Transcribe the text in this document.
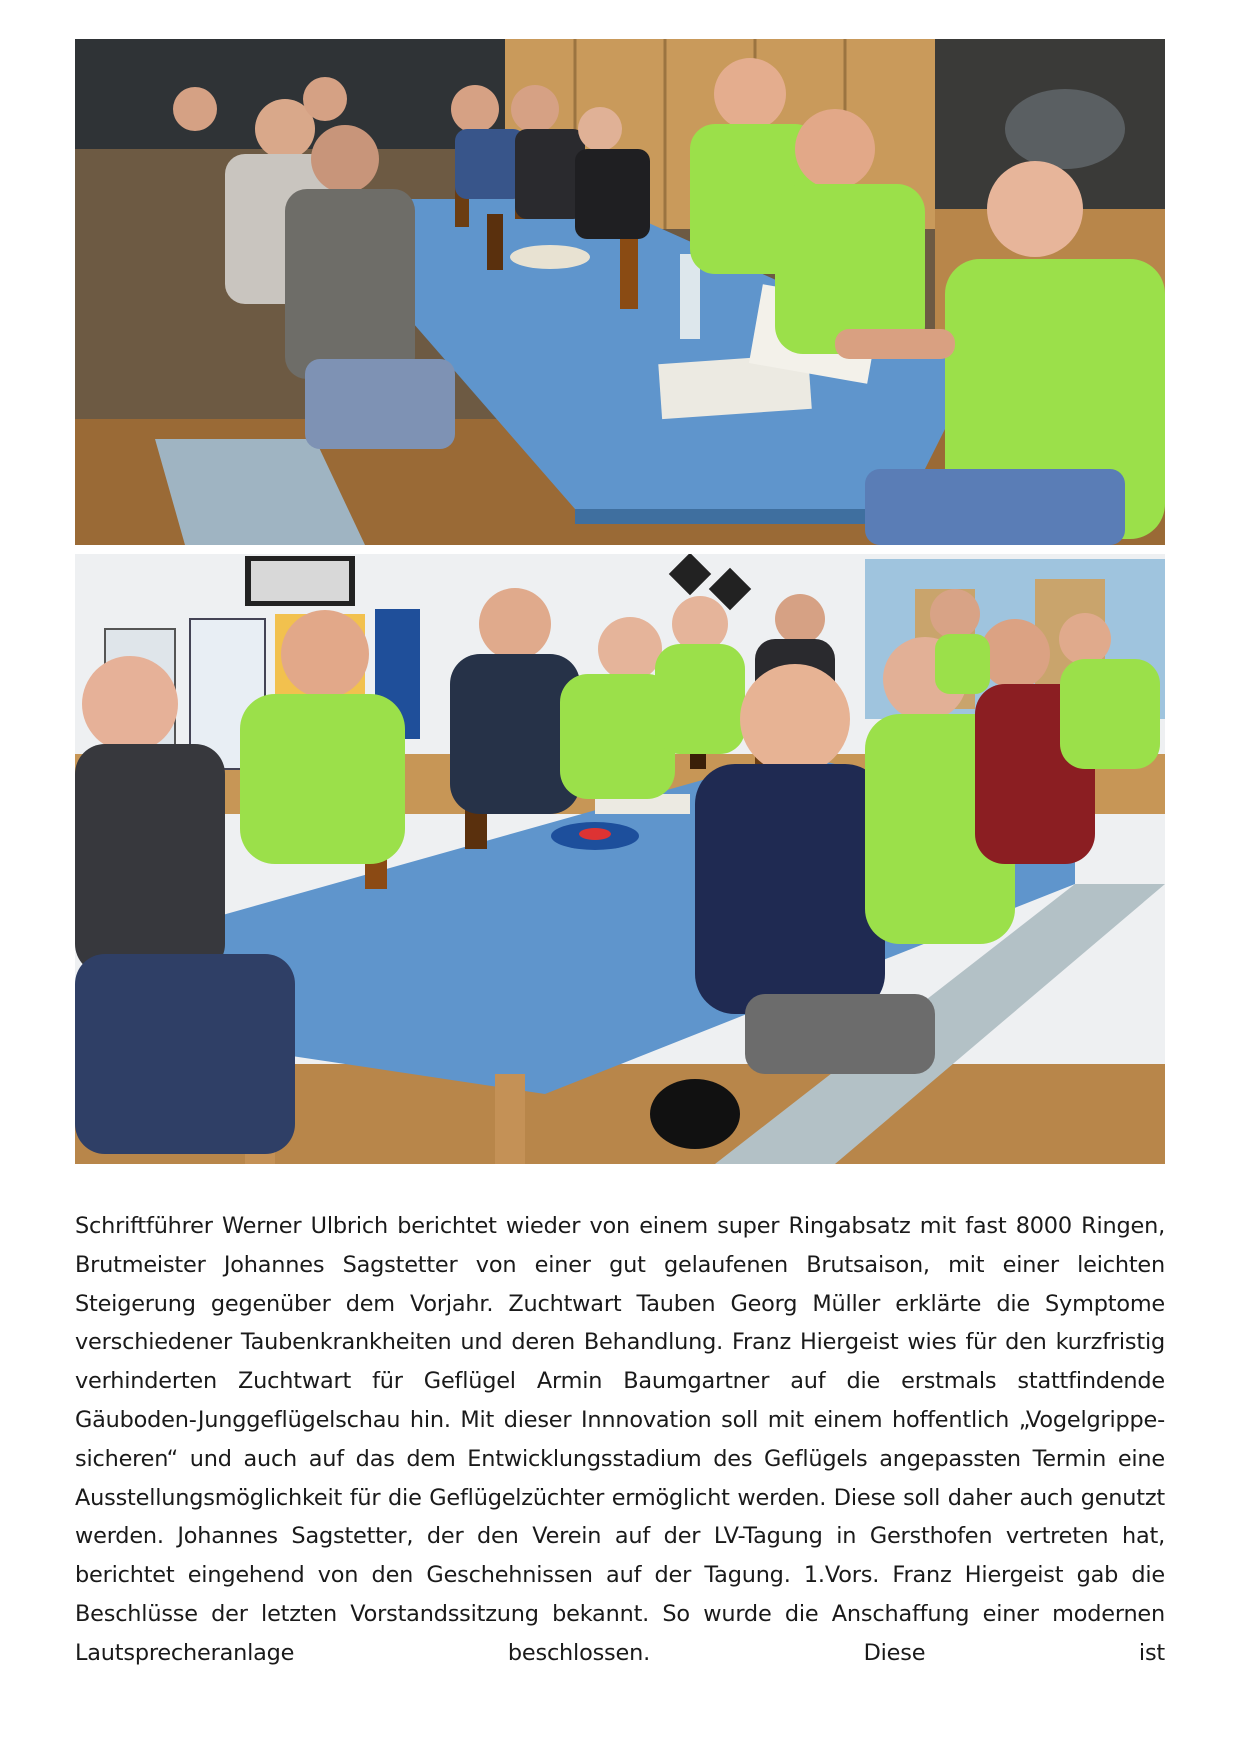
Schriftführer Werner Ulbrich berichtet wieder von einem super Ringabsatz mit fast 8000 Ringen, Brutmeister Johannes Sagstetter von einer gut gelaufenen Brutsaison, mit einer leichten Steigerung gegenüber dem Vorjahr. Zuchtwart Tauben Georg Müller erklärte die Symptome verschiedener Taubenkrankheiten und deren Behandlung. Franz Hiergeist wies für den kurzfristig verhinderten Zuchtwart für Geflügel Armin Baumgartner auf die erstmals stattfindende Gäuboden-Junggeflügelschau hin. Mit dieser Innnovation soll mit einem hoffentlich „Vogelgrippe-sicheren“ und auch auf das dem Entwicklungsstadium des Geflügels angepassten Termin eine Ausstellungsmöglichkeit für die Geflügelzüchter ermöglicht werden. Diese soll daher auch genutzt werden. Johannes Sagstetter, der den Verein auf der LV-Tagung in Gersthofen vertreten hat, berichtet eingehend von den Geschehnissen auf der Tagung. 1.Vors. Franz Hiergeist gab die Beschlüsse der letzten Vorstandssitzung bekannt. So wurde die Anschaffung einer modernen Lautsprecheranlage beschlossen. Diese ist
